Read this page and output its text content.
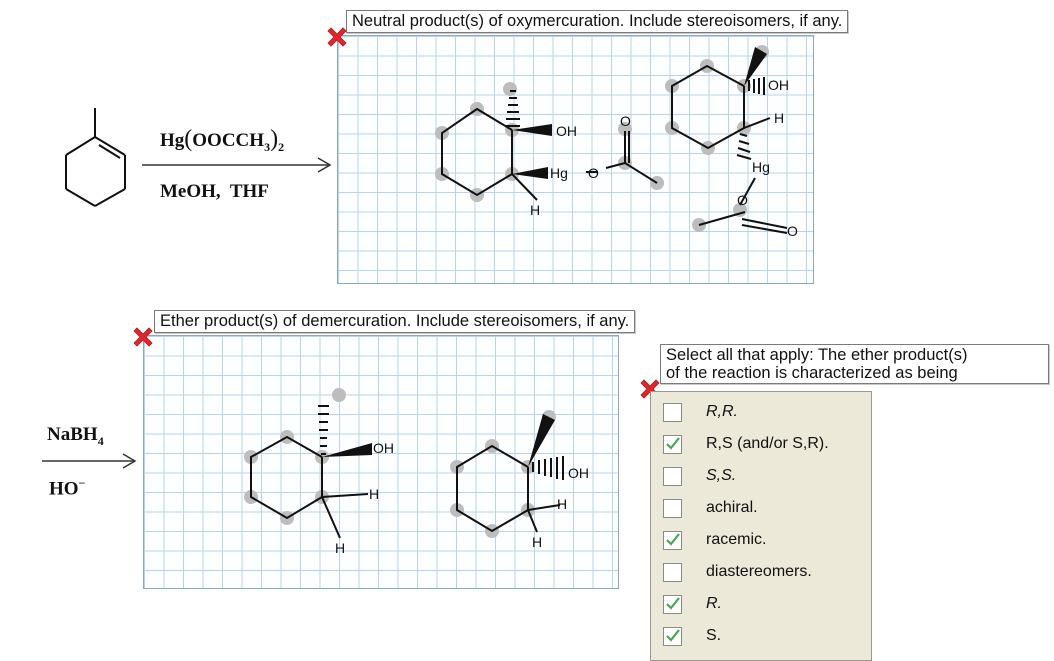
$Hg(OOCCH_3)_2$
MeOH,  THF
Neutral product(s) of oxymercuration. Include stereoisomers, if any.
OH
Hg O
O
H
OH
H
Hg
O
O
NaBH$_4$
HO−
Ether product(s) of demercuration. Include stereoisomers, if any.
OH
H
H
OH
H
H
Select all that apply: The ether product(s)
of the reaction is characterized as being
R,R.
R,S (and/or S,R).
S,S.
achiral.
racemic.
diastereomers.
R.
S.
